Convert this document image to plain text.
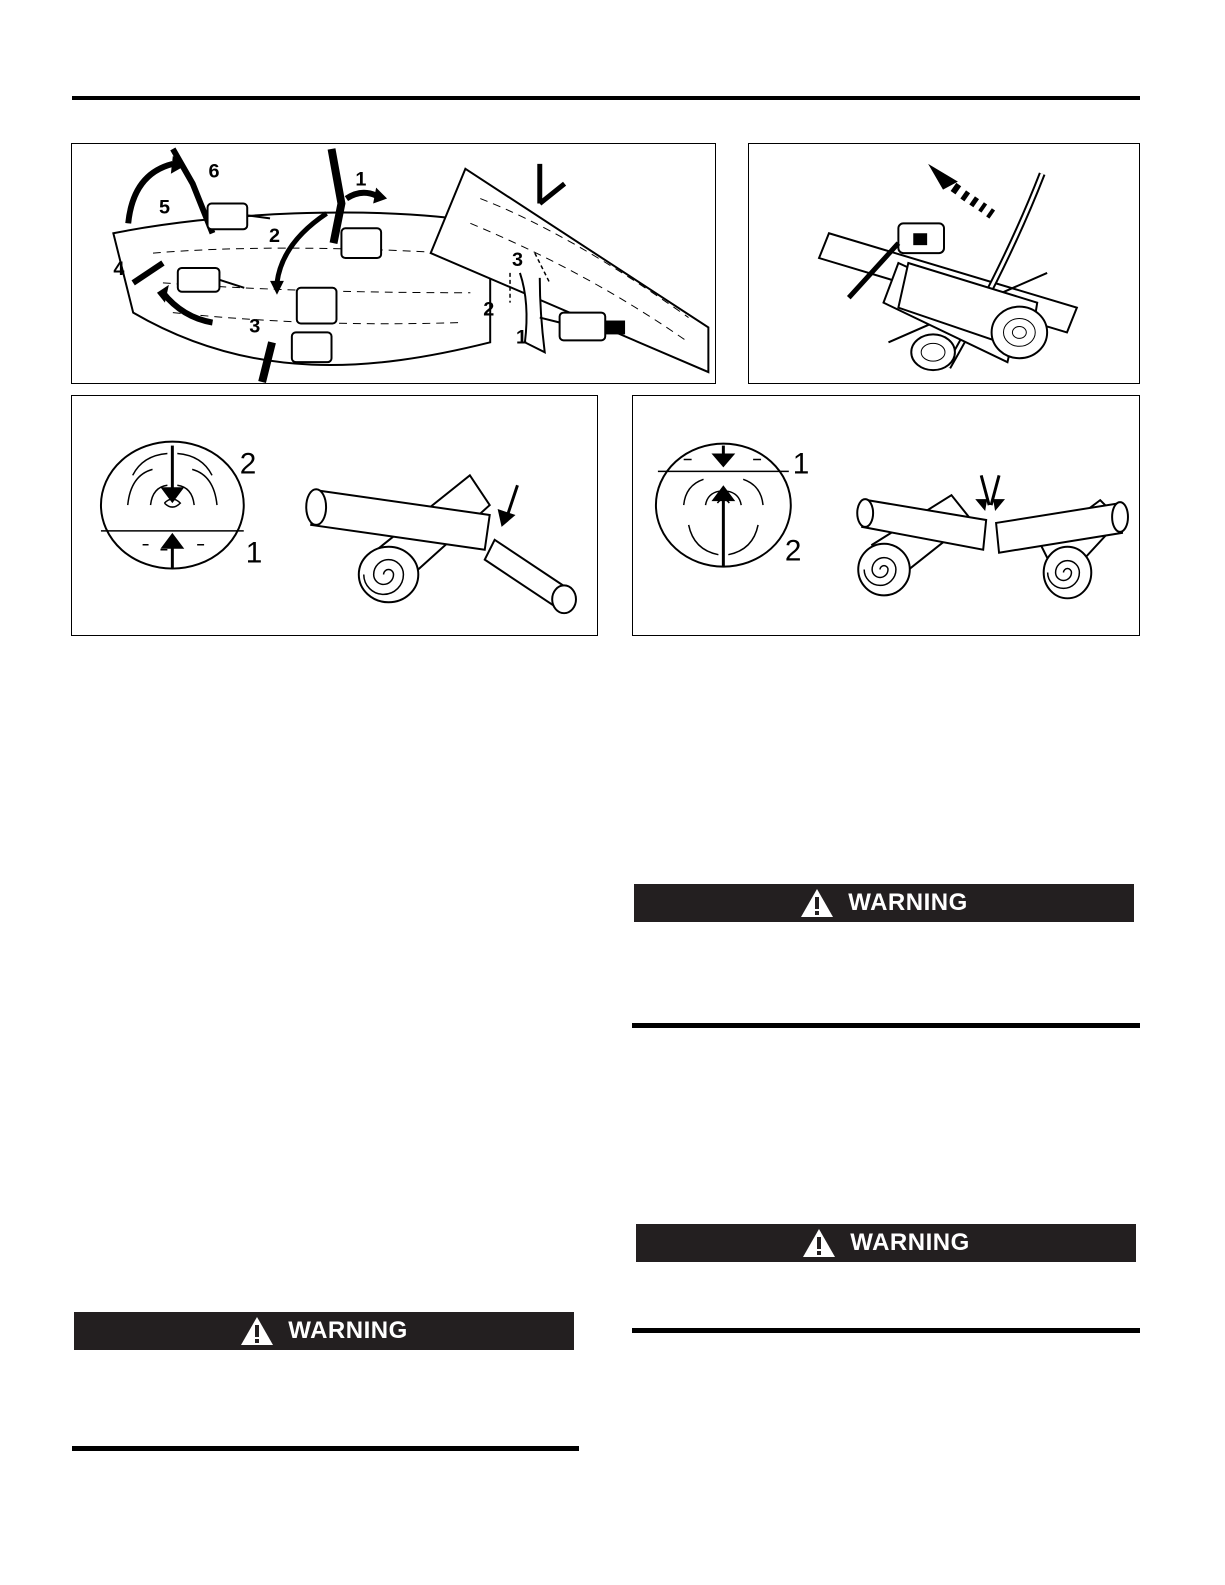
6
5
4
1
2
3
3
2
1
2
1
1
2
WARNING
WARNING
WARNING
